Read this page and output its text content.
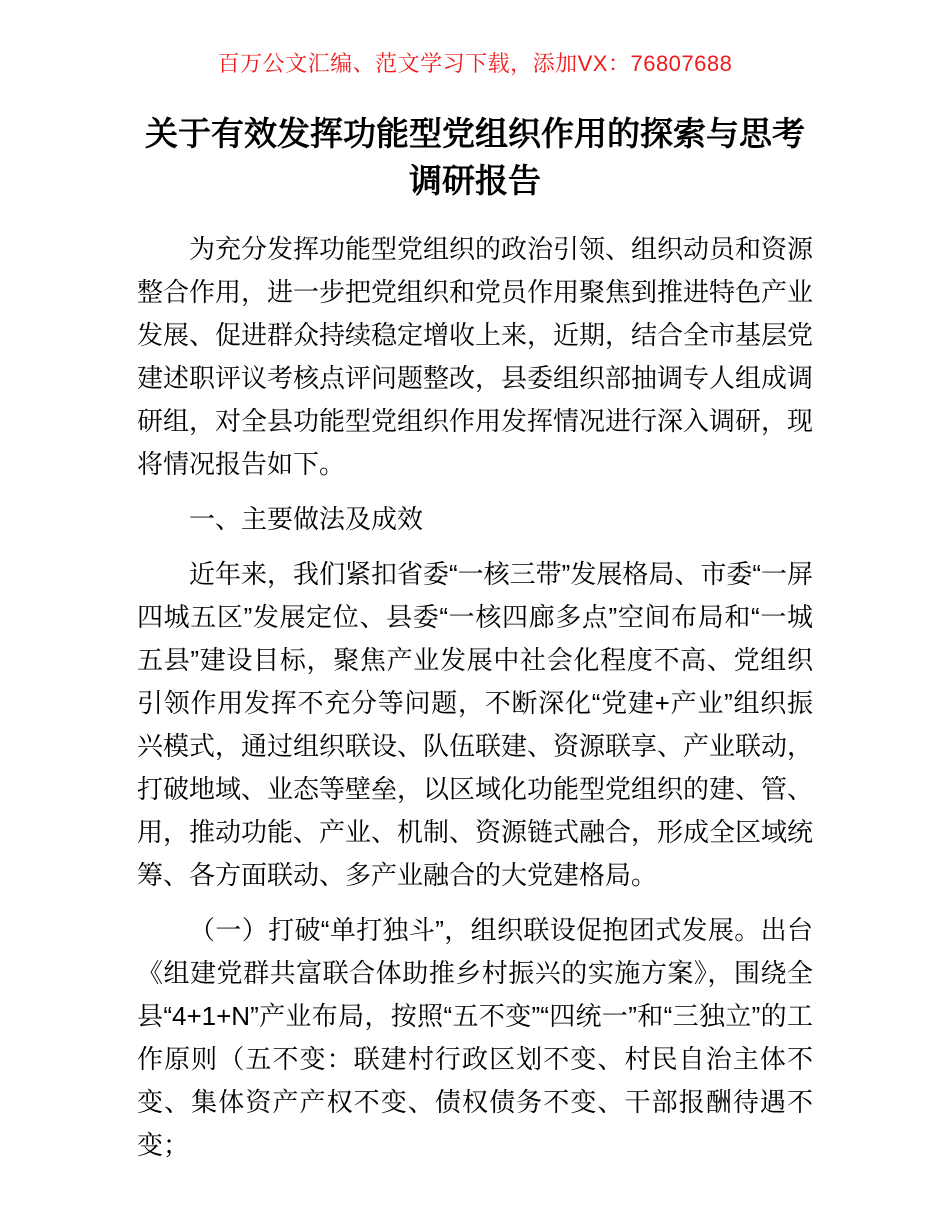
百万公文汇编、范文学习下载，添加VX：76807688
关于有效发挥功能型党组织作用的探索与思考
调研报告

为充分发挥功能型党组织的政治引领、组织动员和资源整合作用，进一步把党组织和党员作用聚焦到推进特色产业发展、促进群众持续稳定增收上来，近期，结合全市基层党建述职评议考核点评问题整改，县委组织部抽调专人组成调研组，对全县功能型党组织作用发挥情况进行深入调研，现将情况报告如下。

一、主要做法及成效

近年来，我们紧扣省委“一核三带”发展格局、市委“一屏四城五区”发展定位、县委“一核四廊多点”空间布局和“一城五县”建设目标，聚焦产业发展中社会化程度不高、党组织引领作用发挥不充分等问题，不断深化“党建+产业”组织振兴模式，通过组织联设、队伍联建、资源联享、产业联动，打破地域、业态等壁垒，以区域化功能型党组织的建、管、用，推动功能、产业、机制、资源链式融合，形成全区域统筹、各方面联动、多产业融合的大党建格局。

（一）打破“单打独斗”，组织联设促抱团式发展。出台《组建党群共富联合体助推乡村振兴的实施方案》，围绕全县“4+1+N”产业布局，按照“五不变”“四统一”和“三独立”的工作原则（五不变：联建村行政区划不变、村民自治主体不变、集体资产产权不变、债权债务不变、干部报酬待遇不变；
